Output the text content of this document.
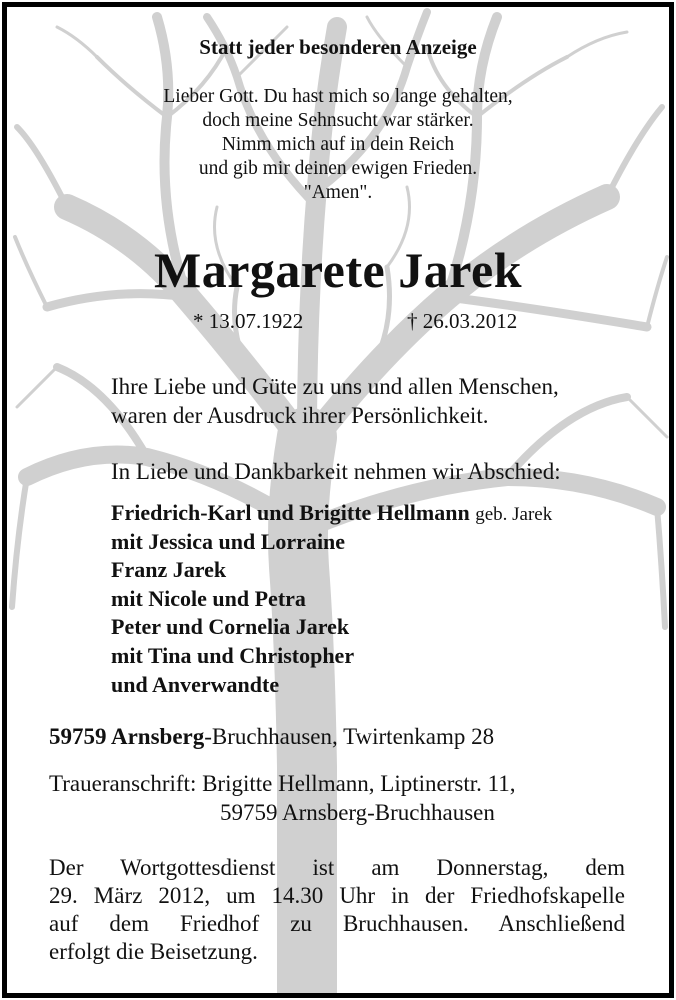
Statt jeder besonderen Anzeige
Lieber Gott. Du hast mich so lange gehalten,
doch meine Sehnsucht war stärker.
Nimm mich auf in dein Reich
und gib mir deinen ewigen Frieden.
"Amen".
Margarete Jarek
* 13.07.1922	† 26.03.2012
Ihre Liebe und Güte zu uns und allen Menschen,
waren der Ausdruck ihrer Persönlichkeit.
In Liebe und Dankbarkeit nehmen wir Abschied:
Friedrich-Karl und Brigitte Hellmann geb. Jarek
mit Jessica und Lorraine
Franz Jarek
mit Nicole und Petra
Peter und Cornelia Jarek
mit Tina und Christopher
und Anverwandte
59759 Arnsberg-Bruchhausen, Twirtenkamp 28
Traueranschrift: Brigitte Hellmann, Liptinerstr. 11,
59759 Arnsberg-Bruchhausen
Der Wortgottesdienst ist am Donnerstag, dem
29. März 2012, um 14.30 Uhr in der Friedhofskapelle
auf dem Friedhof zu Bruchhausen. Anschließend
erfolgt die Beisetzung.
